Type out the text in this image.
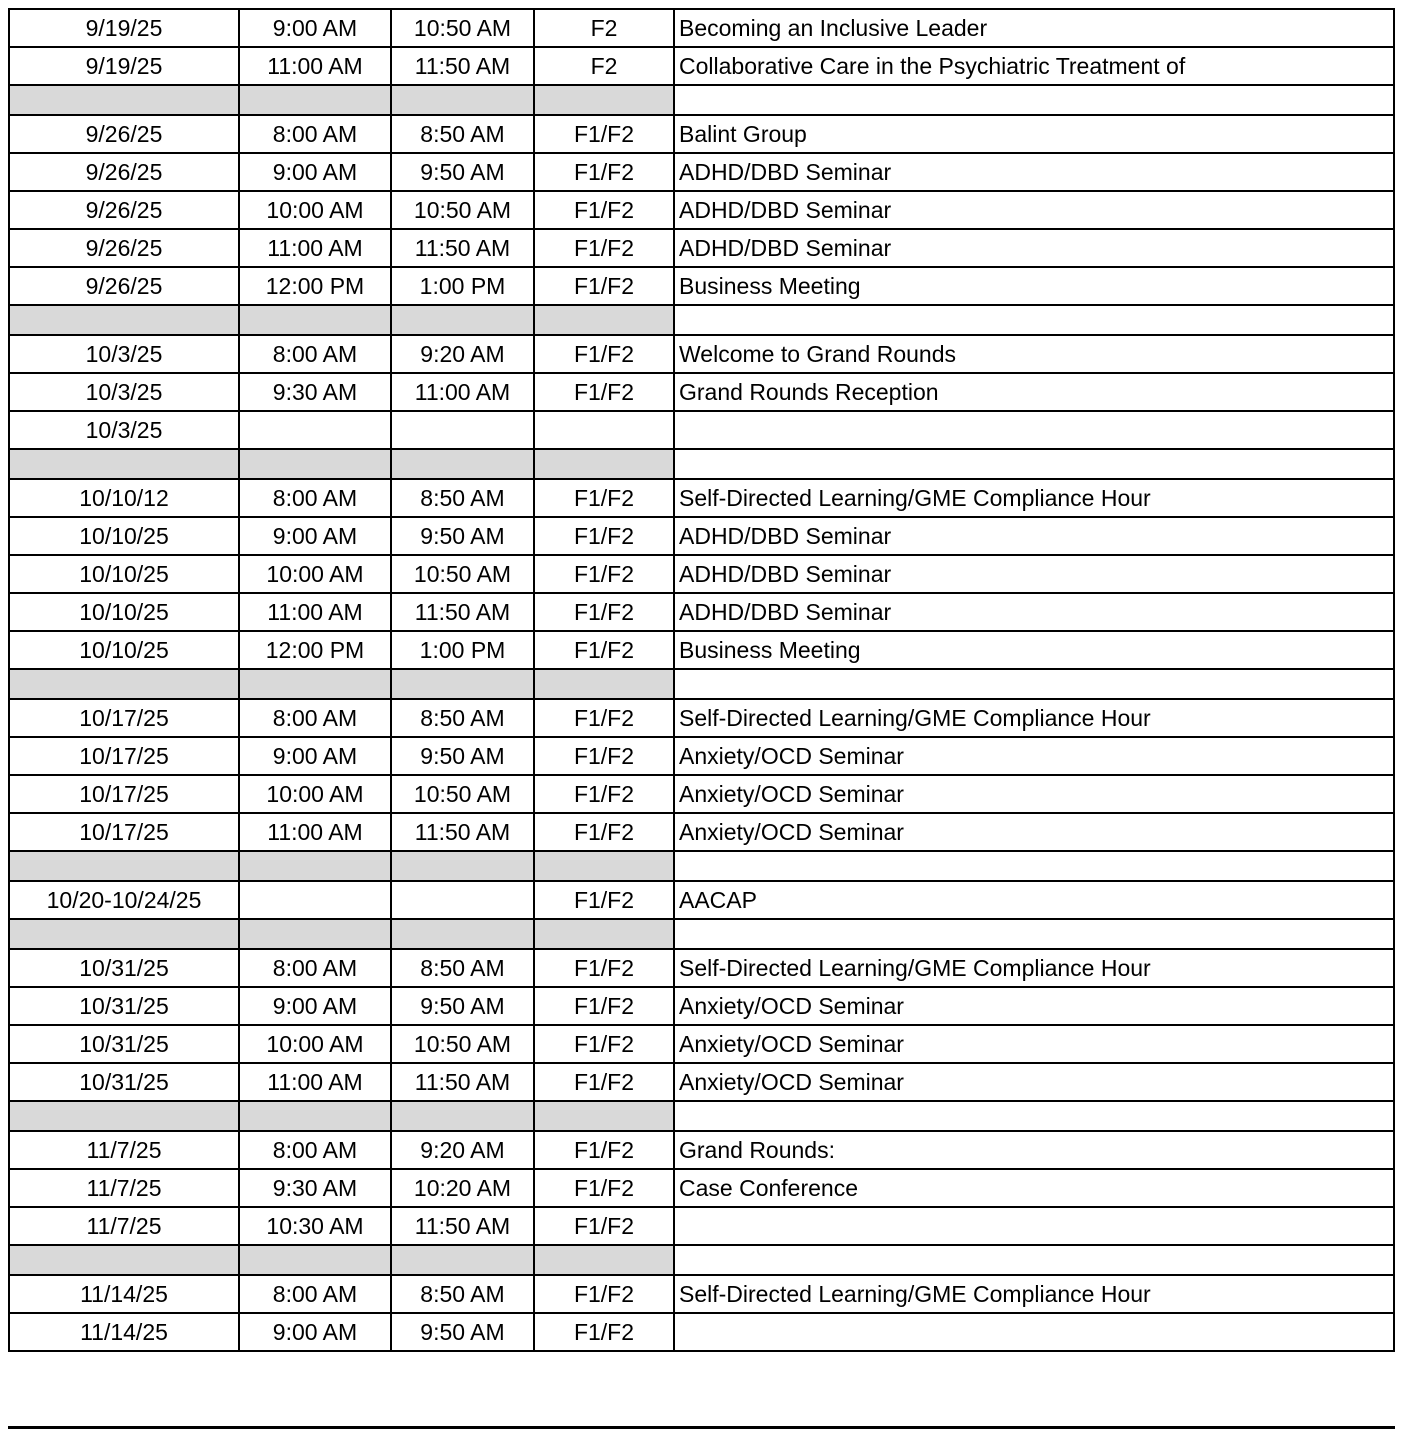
9/19/25	9:00 AM	10:50 AM	F2	Becoming an Inclusive Leader
9/19/25	11:00 AM	11:50 AM	F2	Collaborative Care in the Psychiatric Treatment of

9/26/25	8:00 AM	8:50 AM	F1/F2	Balint Group
9/26/25	9:00 AM	9:50 AM	F1/F2	ADHD/DBD Seminar
9/26/25	10:00 AM	10:50 AM	F1/F2	ADHD/DBD Seminar
9/26/25	11:00 AM	11:50 AM	F1/F2	ADHD/DBD Seminar
9/26/25	12:00 PM	1:00 PM	F1/F2	Business Meeting

10/3/25	8:00 AM	9:20 AM	F1/F2	Welcome to Grand Rounds
10/3/25	9:30 AM	11:00 AM	F1/F2	Grand Rounds Reception
10/3/25				

10/10/12	8:00 AM	8:50 AM	F1/F2	Self-Directed Learning/GME Compliance Hour
10/10/25	9:00 AM	9:50 AM	F1/F2	ADHD/DBD Seminar
10/10/25	10:00 AM	10:50 AM	F1/F2	ADHD/DBD Seminar
10/10/25	11:00 AM	11:50 AM	F1/F2	ADHD/DBD Seminar
10/10/25	12:00 PM	1:00 PM	F1/F2	Business Meeting

10/17/25	8:00 AM	8:50 AM	F1/F2	Self-Directed Learning/GME Compliance Hour
10/17/25	9:00 AM	9:50 AM	F1/F2	Anxiety/OCD Seminar
10/17/25	10:00 AM	10:50 AM	F1/F2	Anxiety/OCD Seminar
10/17/25	11:00 AM	11:50 AM	F1/F2	Anxiety/OCD Seminar

10/20-10/24/25			F1/F2	AACAP

10/31/25	8:00 AM	8:50 AM	F1/F2	Self-Directed Learning/GME Compliance Hour
10/31/25	9:00 AM	9:50 AM	F1/F2	Anxiety/OCD Seminar
10/31/25	10:00 AM	10:50 AM	F1/F2	Anxiety/OCD Seminar
10/31/25	11:00 AM	11:50 AM	F1/F2	Anxiety/OCD Seminar

11/7/25	8:00 AM	9:20 AM	F1/F2	Grand Rounds:
11/7/25	9:30 AM	10:20 AM	F1/F2	Case Conference
11/7/25	10:30 AM	11:50 AM	F1/F2	

11/14/25	8:00 AM	8:50 AM	F1/F2	Self-Directed Learning/GME Compliance Hour
11/14/25	9:00 AM	9:50 AM	F1/F2	
